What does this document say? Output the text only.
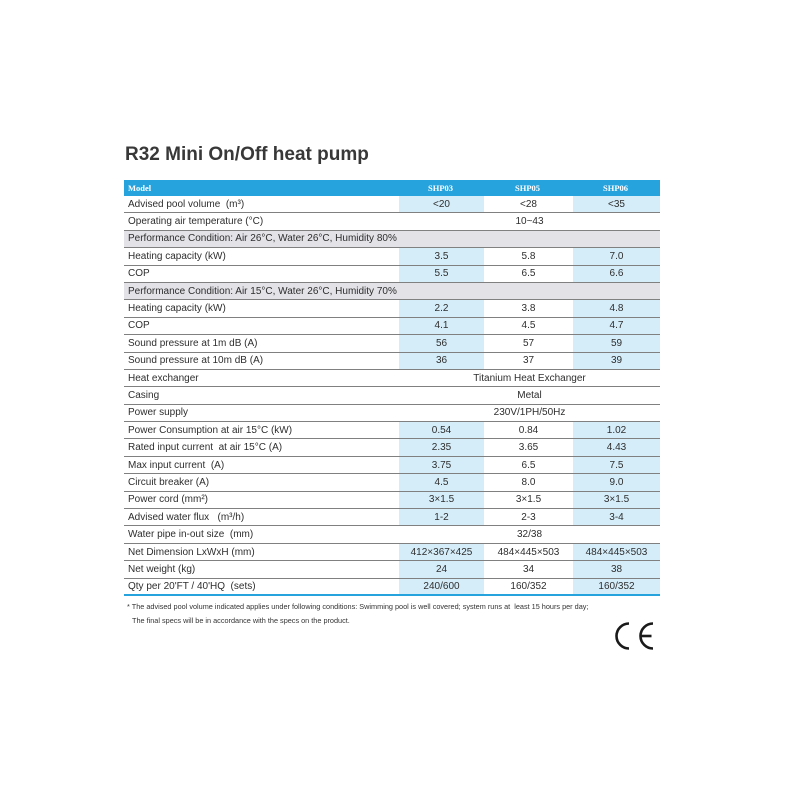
R32 Mini On/Off heat pump
Model	SHP03	SHP05	SHP06
Advised pool volume  (m³)	<20	<28	<35
Operating air temperature (°C)	10~43
Performance Condition: Air 26°C, Water 26°C, Humidity 80%
Heating capacity (kW)	3.5	5.8	7.0
COP	5.5	6.5	6.6
Performance Condition: Air 15°C, Water 26°C, Humidity 70%
Heating capacity (kW)	2.2	3.8	4.8
COP	4.1	4.5	4.7
Sound pressure at 1m dB (A)	56	57	59
Sound pressure at 10m dB (A)	36	37	39
Heat exchanger	Titanium Heat Exchanger
Casing	Metal
Power supply	230V/1PH/50Hz
Power Consumption at air 15°C (kW)	0.54	0.84	1.02
Rated input current  at air 15°C (A)	2.35	3.65	4.43
Max input current  (A)	3.75	6.5	7.5
Circuit breaker (A)	4.5	8.0	9.0
Power cord (mm²)	3×1.5	3×1.5	3×1.5
Advised water flux   (m³/h)	1-2	2-3	3-4
Water pipe in-out size  (mm)	32/38
Net Dimension LxWxH (mm)	412×367×425	484×445×503	484×445×503
Net weight (kg)	24	34	38
Qty per 20'FT / 40'HQ  (sets)	240/600	160/352	160/352
* The advised pool volume indicated applies under following conditions: Swimming pool is well covered; system runs at  least 15 hours per day;
The final specs will be in accordance with the specs on the product.
